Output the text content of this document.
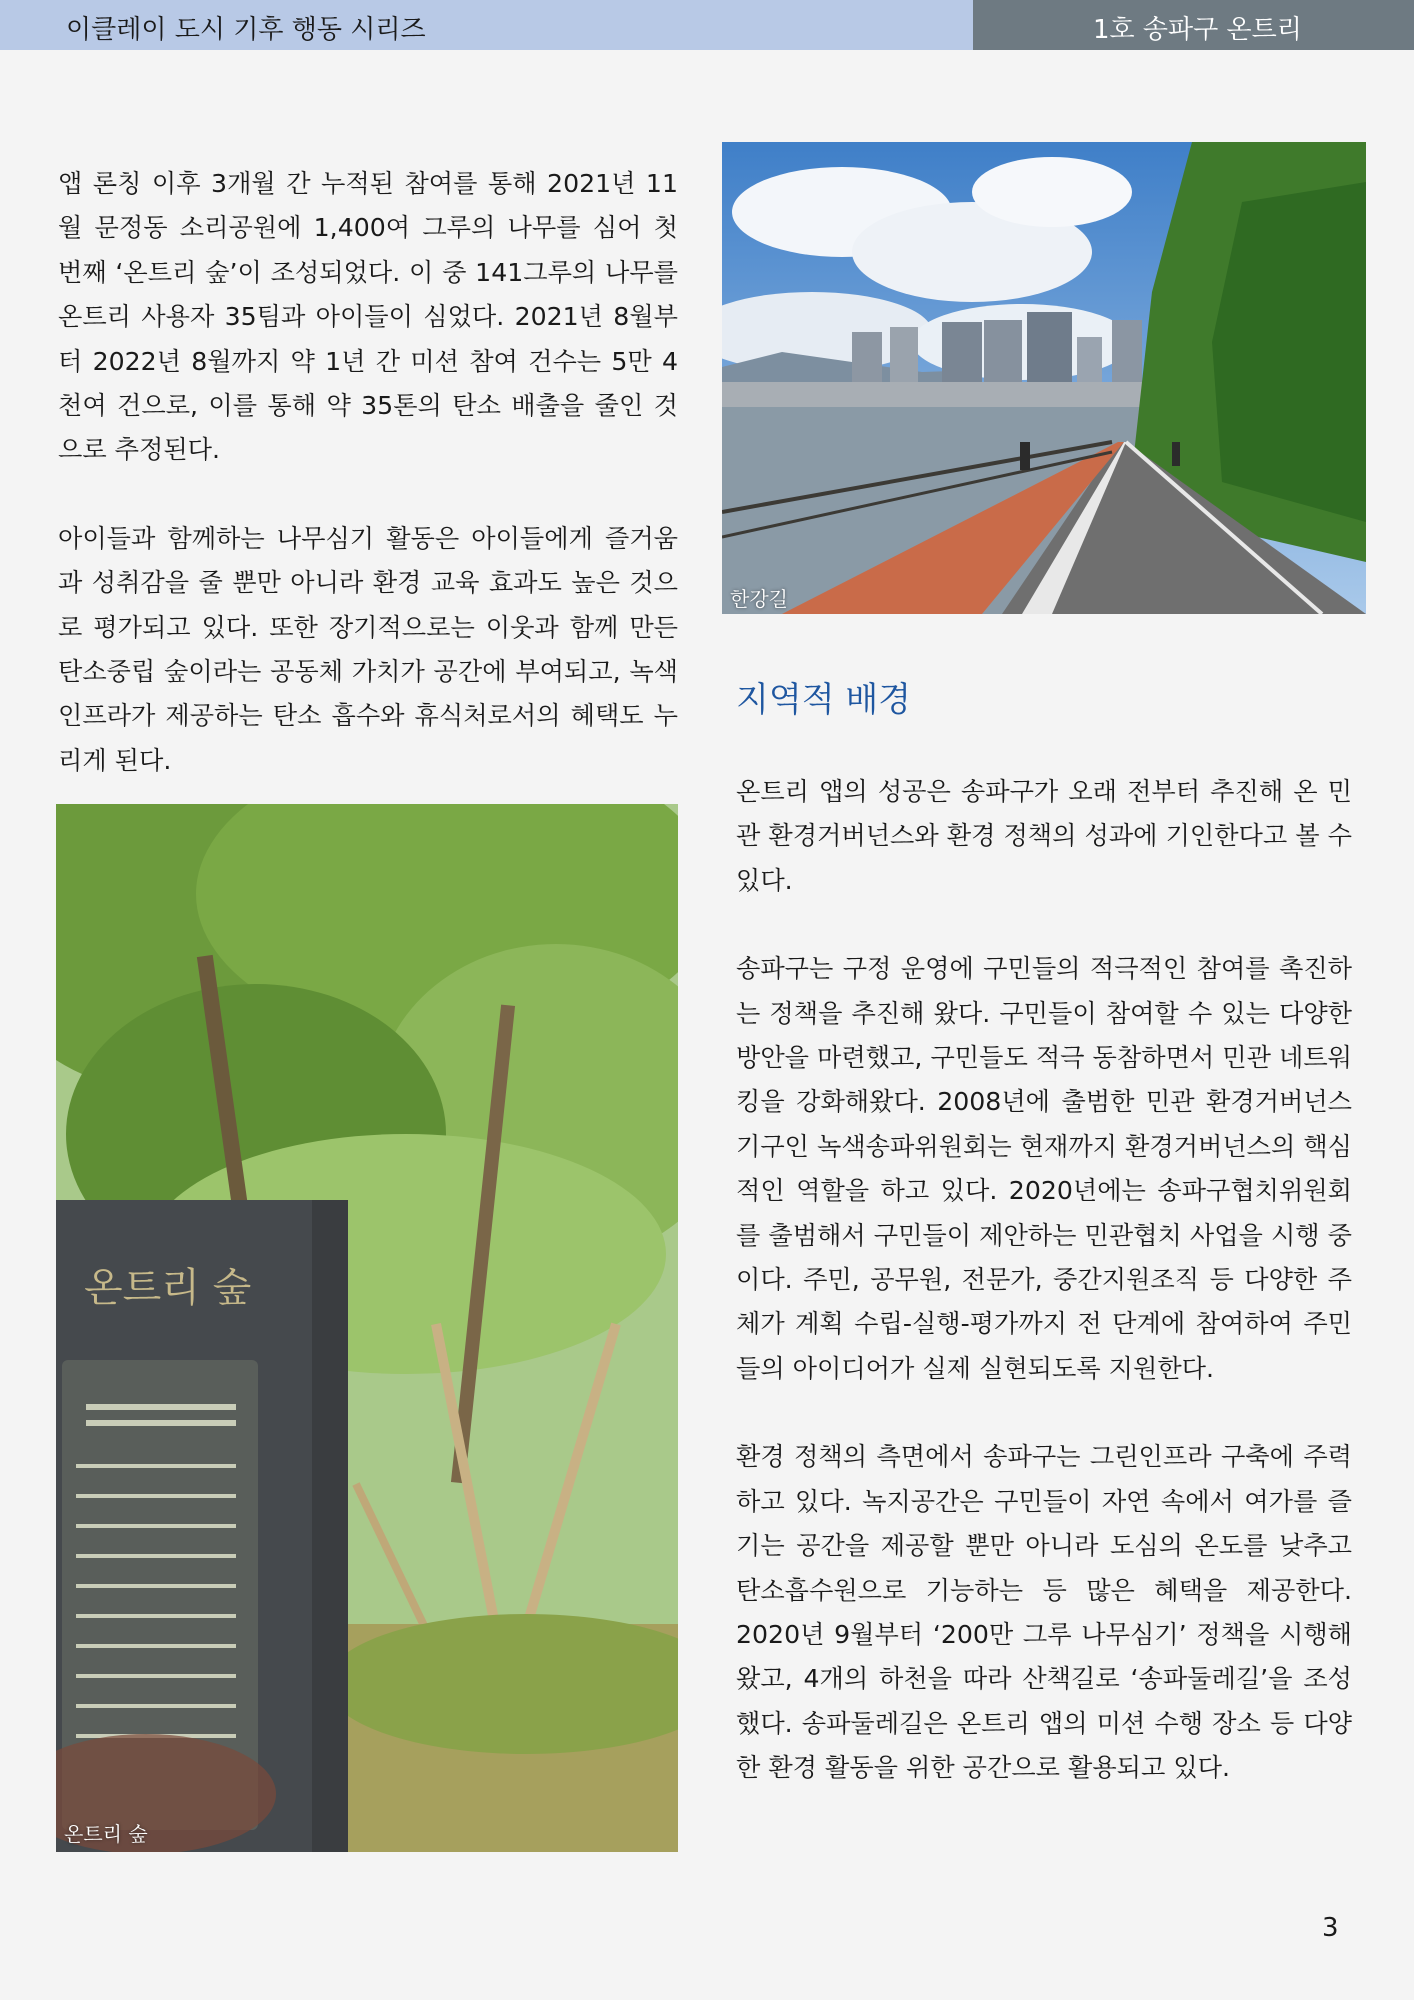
이클레이 도시 기후 행동 시리즈	1호 송파구 온트리

앱 론칭 이후 3개월 간 누적된 참여를 통해 2021년 11월 문정동 소리공원에 1,400여 그루의 나무를 심어 첫 번째 ‘온트리 숲’이 조성되었다. 이 중 141그루의 나무를 온트리 사용자 35팀과 아이들이 심었다. 2021년 8월부터 2022년 8월까지 약 1년 간 미션 참여 건수는 5만 4천여 건으로, 이를 통해 약 35톤의 탄소 배출을 줄인 것으로 추정된다.

아이들과 함께하는 나무심기 활동은 아이들에게 즐거움과 성취감을 줄 뿐만 아니라 환경 교육 효과도 높은 것으로 평가되고 있다. 또한 장기적으로는 이웃과 함께 만든 탄소중립 숲이라는 공동체 가치가 공간에 부여되고, 녹색 인프라가 제공하는 탄소 흡수와 휴식처로서의 혜택도 누리게 된다.

한강길
온트리 숲
온트리 숲
지역적 배경

온트리 앱의 성공은 송파구가 오래 전부터 추진해 온 민관 환경거버넌스와 환경 정책의 성과에 기인한다고 볼 수 있다.

송파구는 구정 운영에 구민들의 적극적인 참여를 촉진하는 정책을 추진해 왔다. 구민들이 참여할 수 있는 다양한 방안을 마련했고, 구민들도 적극 동참하면서 민관 네트워킹을 강화해왔다. 2008년에 출범한 민관 환경거버넌스 기구인 녹색송파위원회는 현재까지 환경거버넌스의 핵심적인 역할을 하고 있다. 2020년에는 송파구협치위원회를 출범해서 구민들이 제안하는 민관협치 사업을 시행 중이다. 주민, 공무원, 전문가, 중간지원조직 등 다양한 주체가 계획 수립-실행-평가까지 전 단계에 참여하여 주민들의 아이디어가 실제 실현되도록 지원한다.

환경 정책의 측면에서 송파구는 그린인프라 구축에 주력하고 있다. 녹지공간은 구민들이 자연 속에서 여가를 즐기는 공간을 제공할 뿐만 아니라 도심의 온도를 낮추고 탄소흡수원으로 기능하는 등 많은 혜택을 제공한다. 2020년 9월부터 ‘200만 그루 나무심기’ 정책을 시행해 왔고, 4개의 하천을 따라 산책길로 ‘송파둘레길’을 조성했다. 송파둘레길은 온트리 앱의 미션 수행 장소 등 다양한 환경 활동을 위한 공간으로 활용되고 있다.

3
